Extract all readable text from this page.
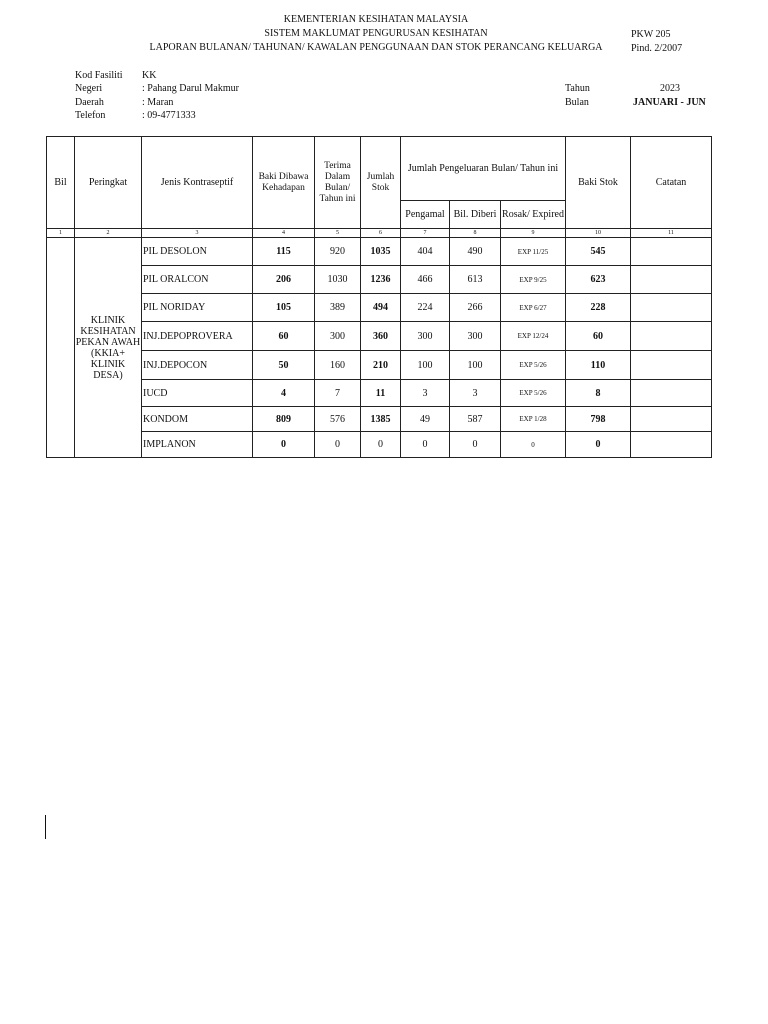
KEMENTERIAN KESIHATAN MALAYSIA
SISTEM MAKLUMAT PENGURUSAN KESIHATAN
LAPORAN BULANAN/ TAHUNAN/ KAWALAN PENGGUNAAN DAN STOK PERANCANG KELUARGA
PKW 205
Pind. 2/2007
Kod Fasiliti KK
Negeri	: Pahang Darul Makmur
Daerah	: Maran
Telefon	: 09-4771333
Tahun	2023
Bulan	JANUARI - JUN
Bil	Peringkat	Jenis Kontraseptif	Baki Dibawa Kehadapan	Terima Dalam Bulan/ Tahun ini	Jumlah Stok	Jumlah Pengeluaran Bulan/ Tahun ini			Baki Stok	Catatan
						Pengamal	Bil. Diberi	Rosak/ Expired		
1	2	3	4	5	6	7	8	9	10	11
	KLINIK KESIHATAN PEKAN AWAH (KKIA+ KLINIK DESA)	PIL DESOLON	115	920	1035	404	490	EXP 11/25	545	
		PIL ORALCON	206	1030	1236	466	613	EXP 9/25	623	
		PIL NORIDAY	105	389	494	224	266	EXP 6/27	228	
		INJ.DEPOPROVERA	60	300	360	300	300	EXP 12/24	60	
		INJ.DEPOCON	50	160	210	100	100	EXP 5/26	110	
		IUCD	4	7	11	3	3	EXP 5/26	8	
		KONDOM	809	576	1385	49	587	EXP 1/28	798	
		IMPLANON	0	0	0	0	0	0	0	
